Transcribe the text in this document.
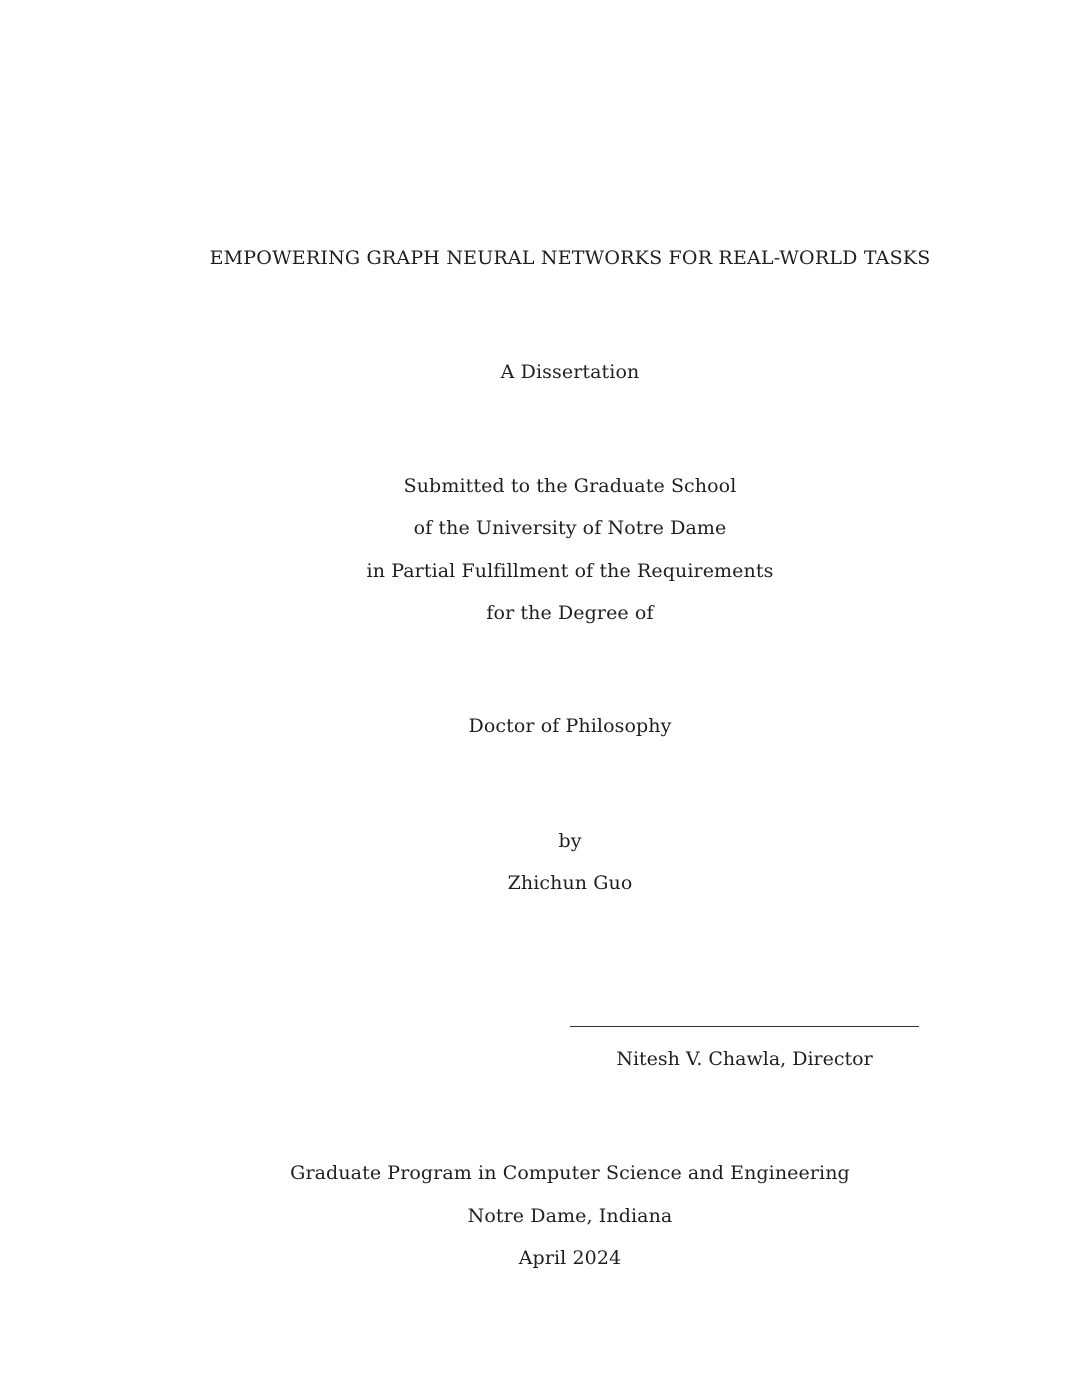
EMPOWERING GRAPH NEURAL NETWORKS FOR REAL-WORLD TASKS
A Dissertation
Submitted to the Graduate School
of the University of Notre Dame
in Partial Fulfillment of the Requirements
for the Degree of
Doctor of Philosophy
by
Zhichun Guo
Nitesh V. Chawla, Director
Graduate Program in Computer Science and Engineering
Notre Dame, Indiana
April 2024
